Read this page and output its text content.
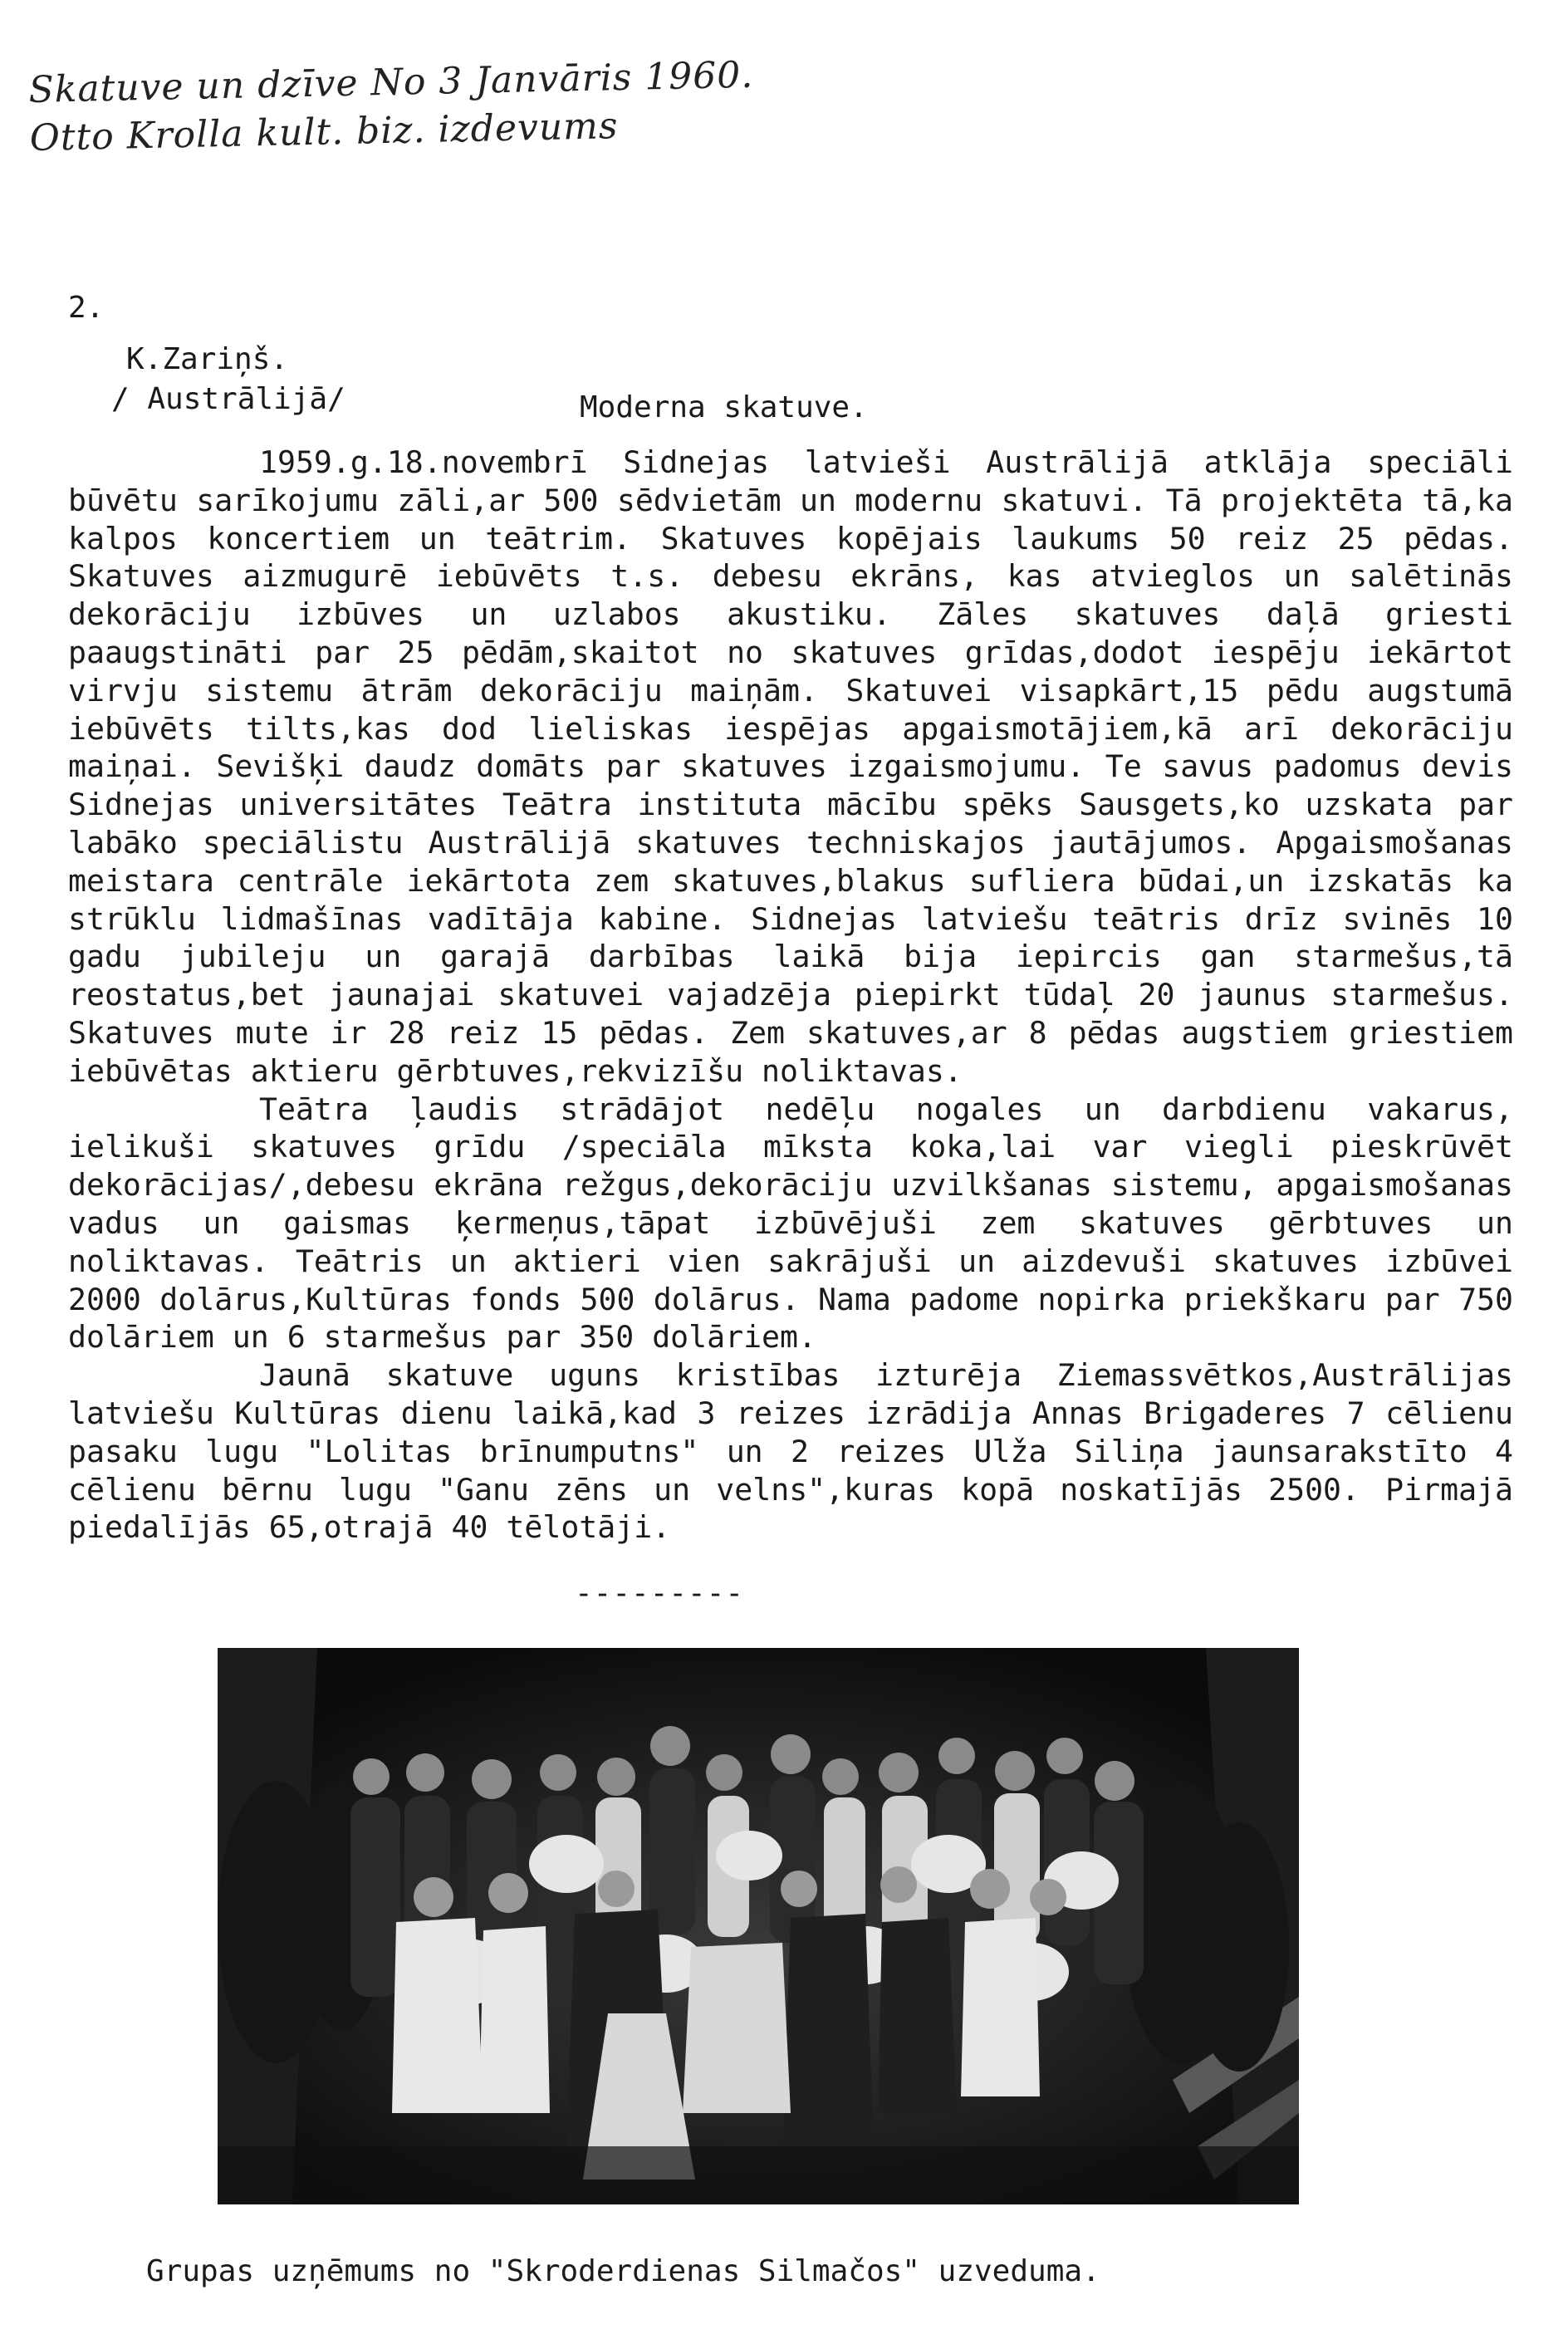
Skatuve un dzīve No 3 Janvāris 1960.
Otto Krolla kult. biz. izdevums
2.
K.Zariņš.
/ Austrālijā/	Moderna skatuve.

1959.g.18.novembrī Sidnejas latvieši Austrālijā atklāja speciāli būvētu sarīkojumu zāli,ar 500 sēdvietām un modernu skatuvi. Tā projektēta tā,ka kalpos koncertiem un teātrim. Skatuves kopējais laukums 50 reiz 25 pēdas. Skatuves aizmugurē iebūvēts t.s. debesu ekrāns, kas atvieglos un salētinās dekorāciju izbūves un uzlabos akustiku. Zāles skatuves daļā griesti paaugstināti par 25 pēdām,skaitot no skatuves grīdas,dodot iespēju iekārtot virvju sistemu ātrām dekorāciju maiņām. Skatuvei visapkārt,15 pēdu augstumā iebūvēts tilts,kas dod lieliskas iespējas apgaismotājiem,kā arī dekorāciju maiņai. Sevišķi daudz domāts par skatuves izgaismojumu. Te savus padomus devis Sidnejas universitātes Teātra instituta mācību spēks Sausgets,ko uzskata par labāko speciālistu Austrālijā skatuves techniskajos jautājumos. Apgaismošanas meistara centrāle iekārtota zem skatuves,blakus sufliera būdai,un izskatās ka strūklu lidmašīnas vadītāja kabine. Sidnejas latviešu teātris drīz svinēs 10 gadu jubileju un garajā darbības laikā bija iepircis gan starmešus,tā reostatus,bet jaunajai skatuvei vajadzēja piepirkt tūdaļ 20 jaunus starmešus. Skatuves mute ir 28 reiz 15 pēdas. Zem skatuves,ar 8 pēdas augstiem griestiem iebūvētas aktieru gērbtuves,rekvizīšu noliktavas.

Teātra ļaudis strādājot nedēļu nogales un darbdienu vakarus, ielikuši skatuves grīdu /speciāla mīksta koka,lai var viegli pieskrūvēt dekorācijas/,debesu ekrāna režgus,dekorāciju uzvilkšanas sistemu, apgaismošanas vadus un gaismas ķermeņus,tāpat izbūvējuši zem skatuves gērbtuves un noliktavas. Teātris un aktieri vien sakrājuši un aizdevuši skatuves izbūvei 2000 dolārus,Kultūras fonds 500 dolārus. Nama padome nopirka priekškaru par 750 dolāriem un 6 starmešus par 350 dolāriem.

Jaunā skatuve uguns kristības izturēja Ziemassvētkos,Austrālijas latviešu Kultūras dienu laikā,kad 3 reizes izrādija Annas Brigaderes 7 cēlienu pasaku lugu "Lolitas brīnumputns" un 2 reizes Ulža Siliņa jaunsarakstīto 4 cēlienu bērnu lugu "Ganu zēns un velns",kuras kopā noskatījās 2500. Pirmajā piedalījās 65,otrajā 40 tēlotāji.

---------
Grupas uzņēmums no "Skroderdienas Silmačos" uzveduma.
